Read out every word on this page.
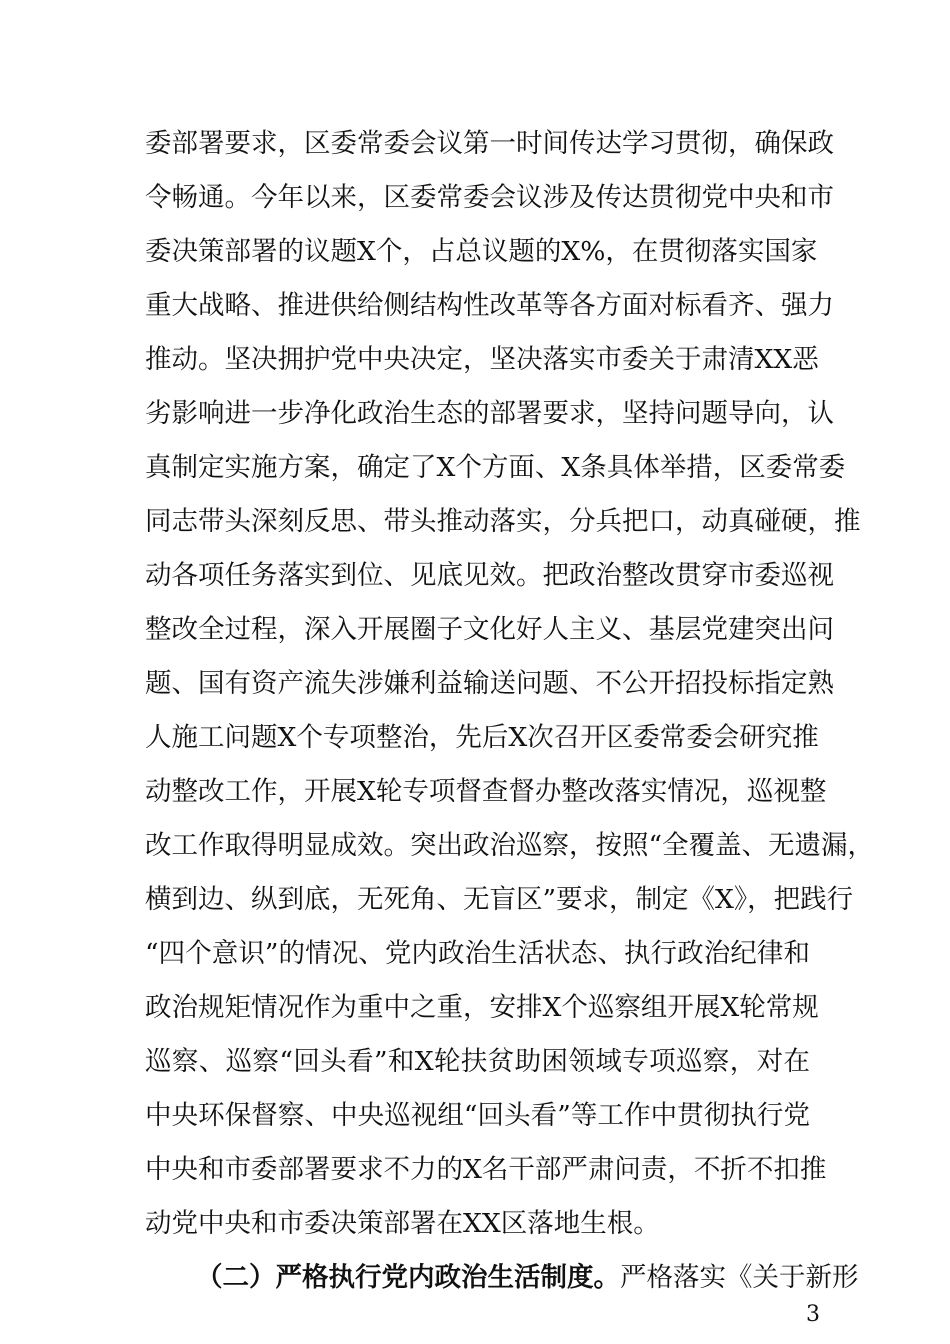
委部署要求，区委常委会议第一时间传达学习贯彻，确保政
令畅通。今年以来，区委常委会议涉及传达贯彻党中央和市
委决策部署的议题X个，占总议题的X%，在贯彻落实国家
重大战略、推进供给侧结构性改革等各方面对标看齐、强力
推动。坚决拥护党中央决定，坚决落实市委关于肃清XX恶
劣影响进一步净化政治生态的部署要求，坚持问题导向，认
真制定实施方案，确定了X个方面、X条具体举措，区委常委
同志带头深刻反思、带头推动落实，分兵把口，动真碰硬，推
动各项任务落实到位、见底见效。把政治整改贯穿市委巡视
整改全过程，深入开展圈子文化好人主义、基层党建突出问
题、国有资产流失涉嫌利益输送问题、不公开招投标指定熟
人施工问题X个专项整治，先后X次召开区委常委会研究推
动整改工作，开展X轮专项督查督办整改落实情况，巡视整
改工作取得明显成效。突出政治巡察，按照“全覆盖、无遗漏，
横到边、纵到底，无死角、无盲区”要求，制定《X》，把践行
“四个意识”的情况、党内政治生活状态、执行政治纪律和
政治规矩情况作为重中之重，安排X个巡察组开展X轮常规
巡察、巡察“回头看”和X轮扶贫助困领域专项巡察，对在
中央环保督察、中央巡视组“回头看”等工作中贯彻执行党
中央和市委部署要求不力的X名干部严肃问责，不折不扣推
动党中央和市委决策部署在XX区落地生根。
（二）严格执行党内政治生活制度。严格落实《关于新形
3
